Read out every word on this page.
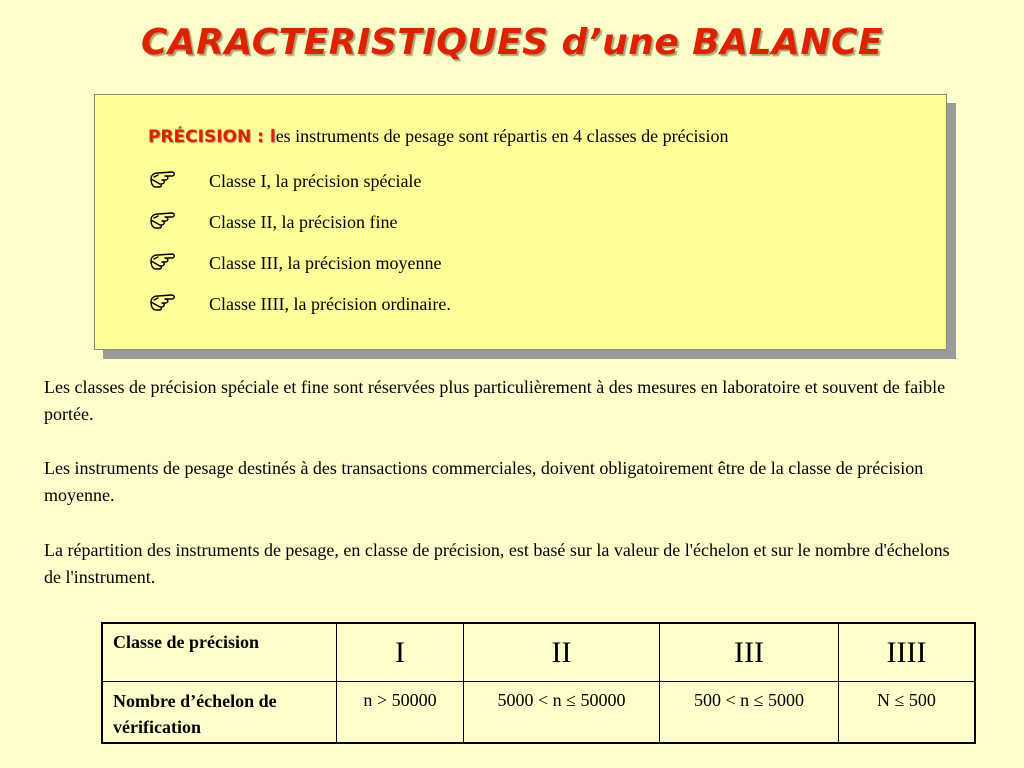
CARACTERISTIQUES d’une BALANCE
PRÉCISION : les instruments de pesage sont répartis en 4 classes de précision
Classe I, la précision spéciale
Classe II, la précision fine
Classe III, la précision moyenne
Classe IIII, la précision ordinaire.

Les classes de précision spéciale et fine sont réservées plus particulièrement à des mesures en laboratoire et souvent de faible portée.

Les instruments de pesage destinés à des transactions commerciales, doivent obligatoirement être de la classe de précision moyenne.

La répartition des instruments de pesage, en classe de précision, est basé sur la valeur de l'échelon et sur le nombre d'échelons de l'instrument.

Classe de précision	I	II	III	IIII
Nombre d’échelon de vérification	n > 50000	5000 < n ≤ 50000	500 < n ≤ 5000	N ≤ 500
